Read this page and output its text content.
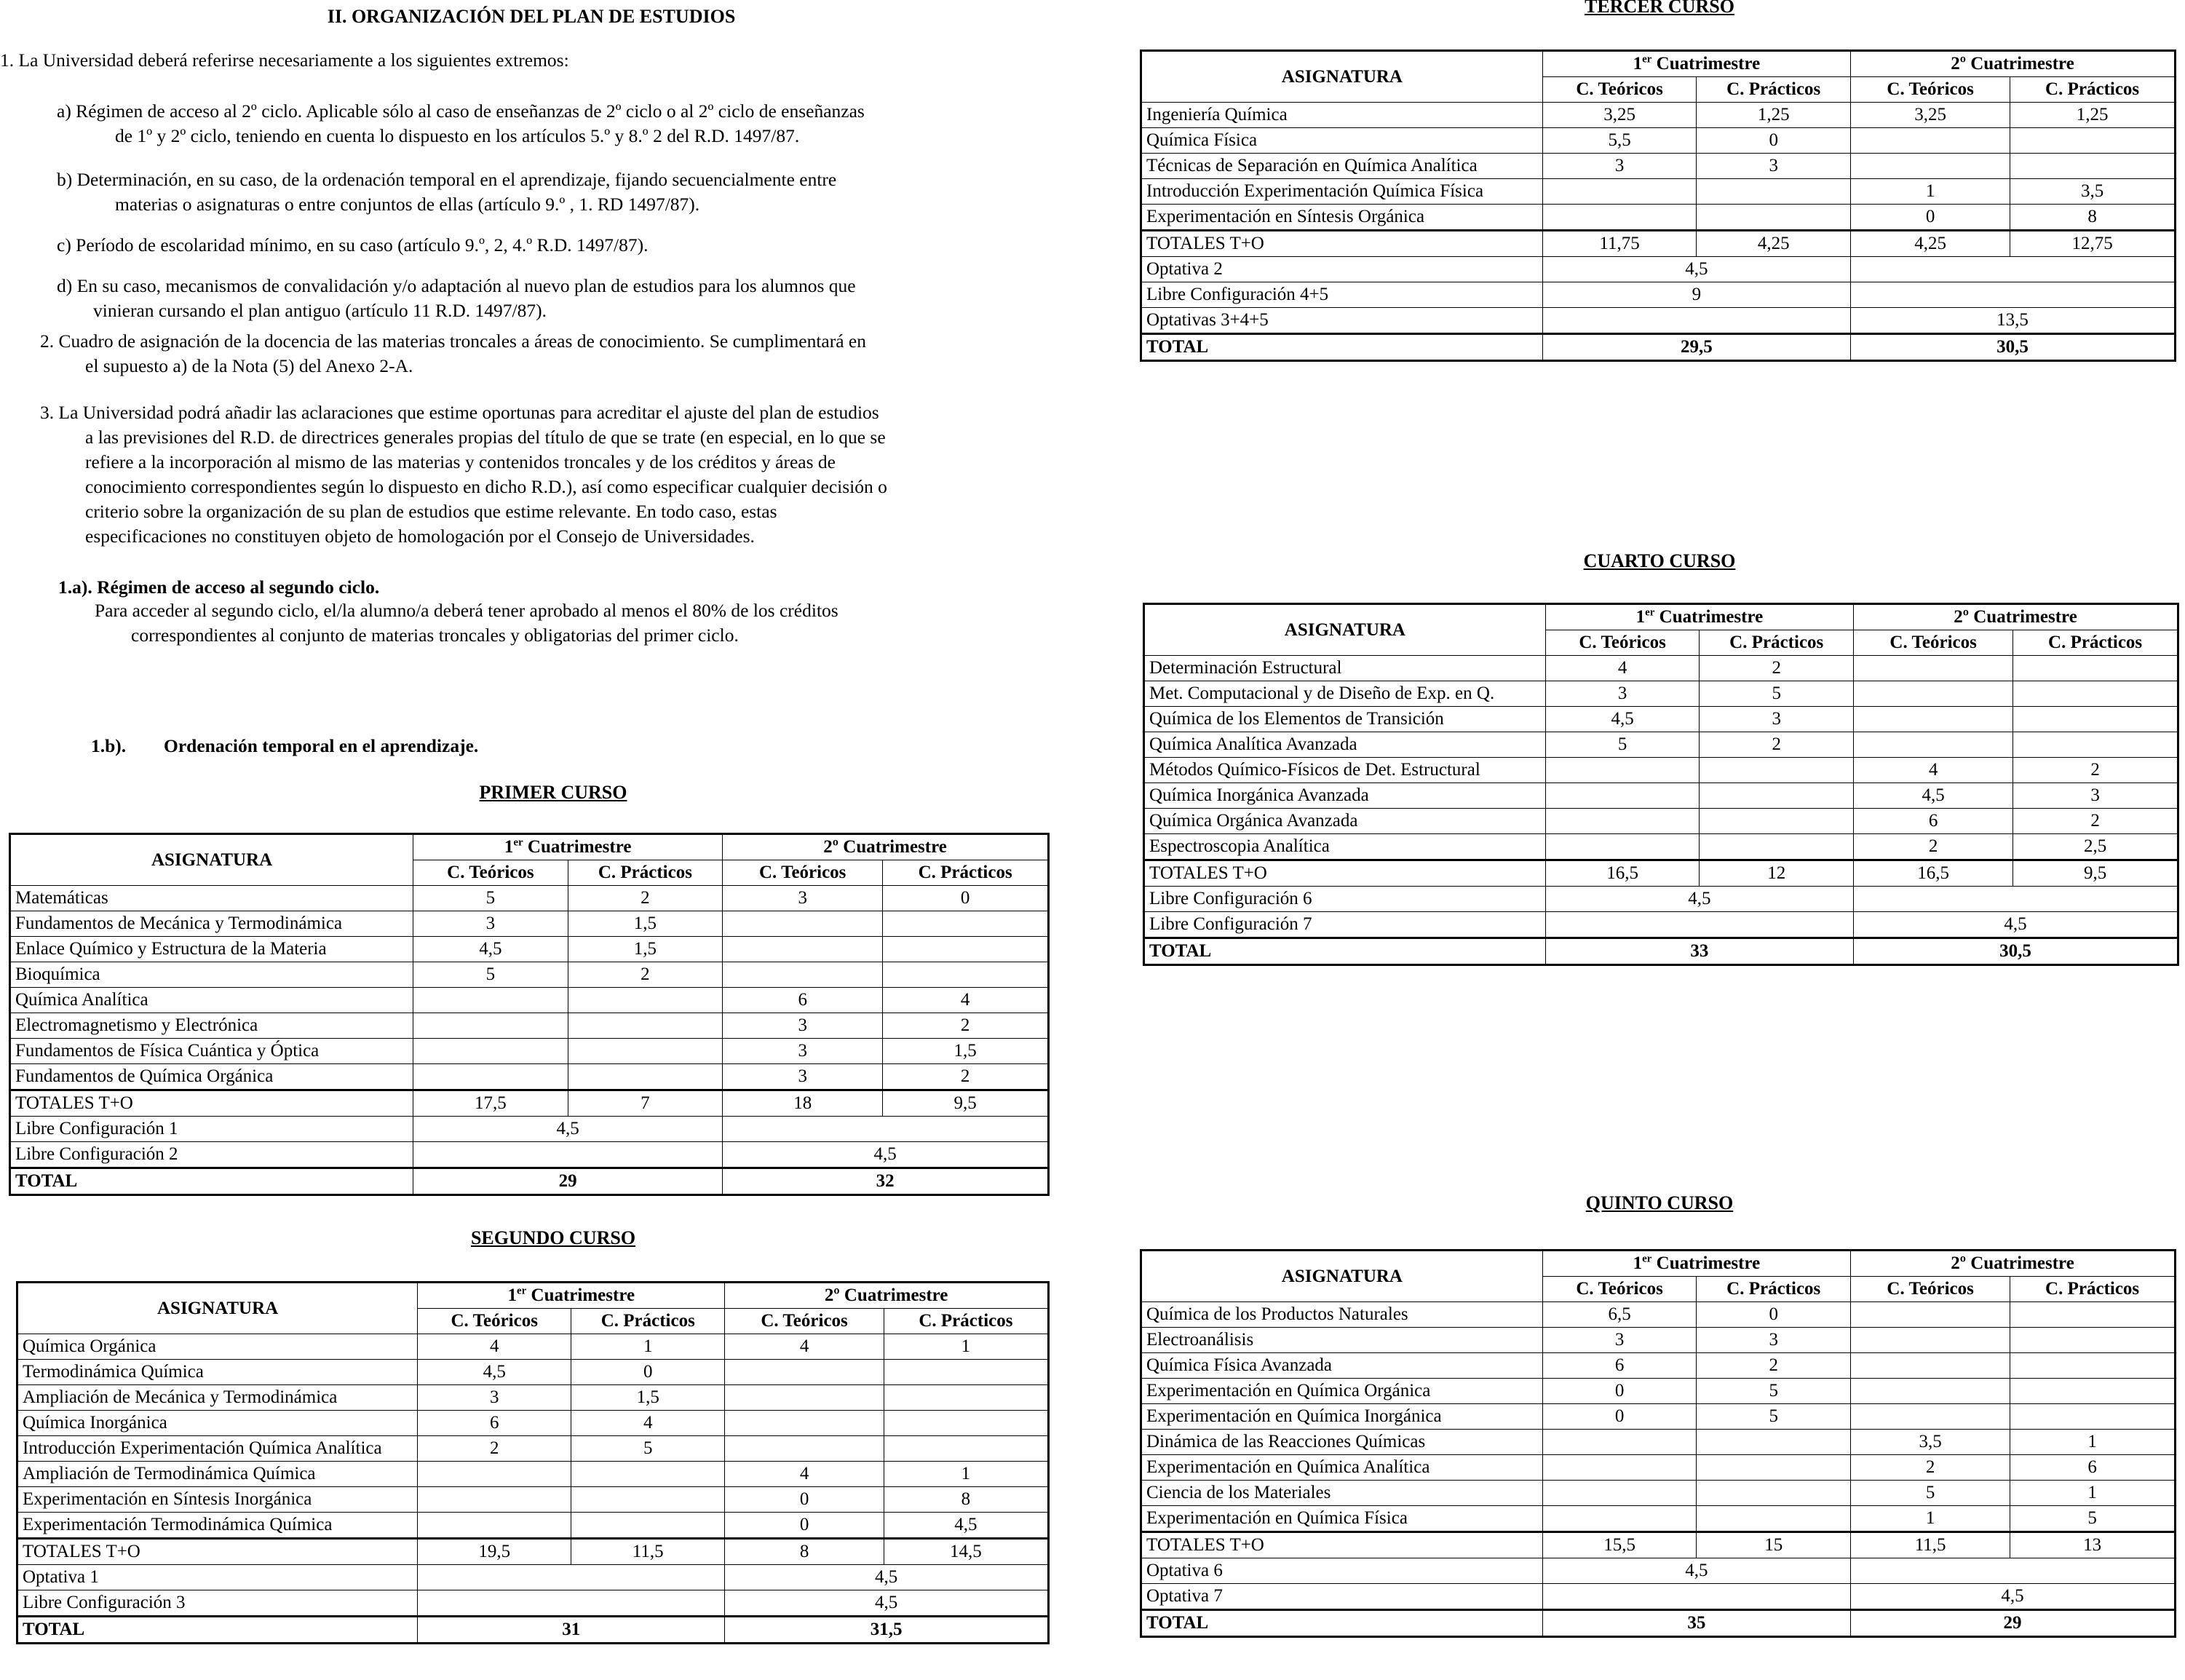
II. ORGANIZACIÓN DEL PLAN DE ESTUDIOS
1. La Universidad deberá referirse necesariamente a los siguientes extremos:
a) Régimen de acceso al 2º ciclo. Aplicable sólo al caso de enseñanzas de 2º ciclo o al 2º ciclo de enseñanzas
de 1º y 2º ciclo, teniendo en cuenta lo dispuesto en los artículos 5.º y 8.º 2 del R.D. 1497/87.
b) Determinación, en su caso, de la ordenación temporal en el aprendizaje, fijando secuencialmente entre
materias o asignaturas o entre conjuntos de ellas (artículo 9.º , 1. RD 1497/87).
c) Período de escolaridad mínimo, en su caso (artículo 9.º, 2, 4.º R.D. 1497/87).
d) En su caso, mecanismos de convalidación y/o adaptación al nuevo plan de estudios para los alumnos que
vinieran cursando el plan antiguo (artículo 11 R.D. 1497/87).
2. Cuadro de asignación de la docencia de las materias troncales a áreas de conocimiento. Se cumplimentará en
el supuesto a) de la Nota (5) del Anexo 2-A.
3. La Universidad podrá añadir las aclaraciones que estime oportunas para acreditar el ajuste del plan de estudios
a las previsiones del R.D. de directrices generales propias del título de que se trate (en especial, en lo que se
refiere a la incorporación al mismo de las materias y contenidos troncales y de los créditos y áreas de
conocimiento correspondientes según lo dispuesto en dicho R.D.), así como especificar cualquier decisión o
criterio sobre la organización de su plan de estudios que estime relevante. En todo caso, estas
especificaciones no constituyen objeto de homologación por el Consejo de Universidades.
1.a). Régimen de acceso al segundo ciclo.
Para acceder al segundo ciclo, el/la alumno/a deberá tener aprobado al menos el 80% de los créditos
correspondientes al conjunto de materias troncales y obligatorias del primer ciclo.
1.b). Ordenación temporal en el aprendizaje.
PRIMER CURSO
SEGUNDO CURSO
TERCER CURSO
CUARTO CURSO
QUINTO CURSO
ASIGNATURA	1er Cuatrimestre		2º Cuatrimestre	
	C. Teóricos	C. Prácticos	C. Teóricos	C. Prácticos
Matemáticas	5	2	3	0
Fundamentos de Mecánica y Termodinámica	3	1,5		
Enlace Químico y Estructura de la Materia	4,5	1,5		
Bioquímica	5	2		
Química Analítica			6	4
Electromagnetismo y Electrónica			3	2
Fundamentos de Física Cuántica y Óptica			3	1,5
Fundamentos de Química Orgánica			3	2
TOTALES T+O	17,5	7	18	9,5
Libre Configuración 1	4,5			
Libre Configuración 2			4,5	
TOTAL	29		32	
ASIGNATURA	1er Cuatrimestre		2º Cuatrimestre	
	C. Teóricos	C. Prácticos	C. Teóricos	C. Prácticos
Química Orgánica	4	1	4	1
Termodinámica Química	4,5	0		
Ampliación de Mecánica y Termodinámica	3	1,5		
Química Inorgánica	6	4		
Introducción Experimentación Química Analítica	2	5		
Ampliación de Termodinámica Química			4	1
Experimentación en Síntesis Inorgánica			0	8
Experimentación Termodinámica Química			0	4,5
TOTALES T+O	19,5	11,5	8	14,5
Optativa 1			4,5	
Libre Configuración 3			4,5	
TOTAL	31		31,5	
ASIGNATURA	1er Cuatrimestre		2º Cuatrimestre	
	C. Teóricos	C. Prácticos	C. Teóricos	C. Prácticos
Ingeniería Química	3,25	1,25	3,25	1,25
Química Física	5,5	0		
Técnicas de Separación en Química Analítica	3	3		
Introducción Experimentación Química Física			1	3,5
Experimentación en Síntesis Orgánica			0	8
TOTALES T+O	11,75	4,25	4,25	12,75
Optativa 2	4,5			
Libre Configuración 4+5	9			
Optativas 3+4+5			13,5	
TOTAL	29,5		30,5	
ASIGNATURA	1er Cuatrimestre		2º Cuatrimestre	
	C. Teóricos	C. Prácticos	C. Teóricos	C. Prácticos
Determinación Estructural	4	2		
Met. Computacional y de Diseño de Exp. en Q.	3	5		
Química de los Elementos de Transición	4,5	3		
Química Analítica Avanzada	5	2		
Métodos Químico-Físicos de Det. Estructural			4	2
Química Inorgánica Avanzada			4,5	3
Química Orgánica Avanzada			6	2
Espectroscopia Analítica			2	2,5
TOTALES T+O	16,5	12	16,5	9,5
Libre Configuración 6	4,5			
Libre Configuración 7			4,5	
TOTAL	33		30,5	
ASIGNATURA	1er Cuatrimestre		2º Cuatrimestre	
	C. Teóricos	C. Prácticos	C. Teóricos	C. Prácticos
Química de los Productos Naturales	6,5	0		
Electroanálisis	3	3		
Química Física Avanzada	6	2		
Experimentación en Química Orgánica	0	5		
Experimentación en Química Inorgánica	0	5		
Dinámica de las Reacciones Químicas			3,5	1
Experimentación en Química Analítica			2	6
Ciencia de los Materiales			5	1
Experimentación en Química Física			1	5
TOTALES T+O	15,5	15	11,5	13
Optativa 6	4,5			
Optativa 7			4,5	
TOTAL	35		29	
